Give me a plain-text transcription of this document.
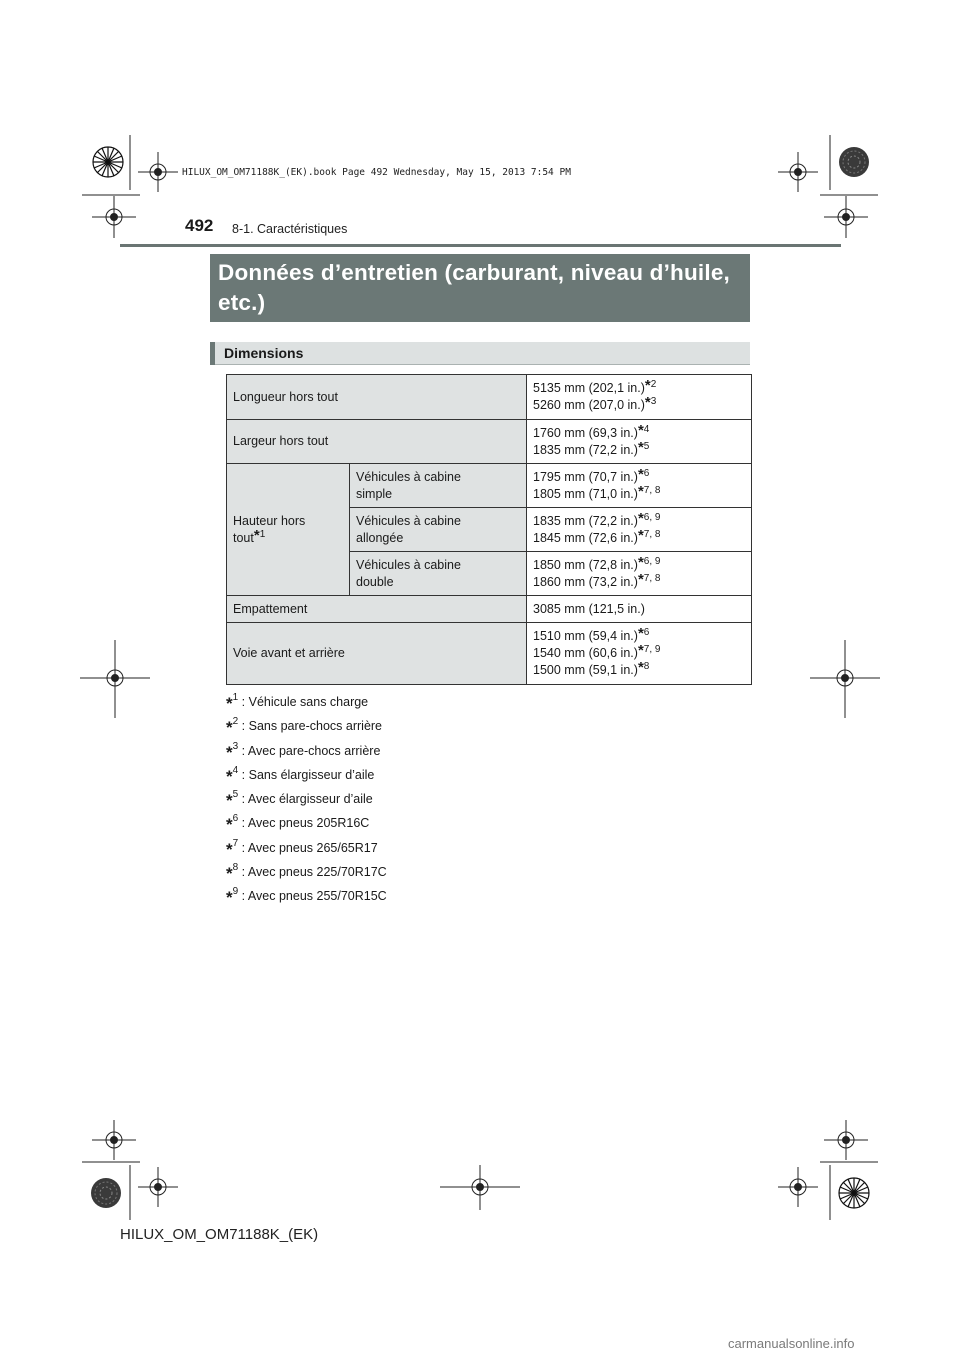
HILUX_OM_OM71188K_(EK).book Page 492 Wednesday, May 15, 2013 7:54 PM
492 8-1. Caractéristiques
Données d’entretien (carburant, niveau d’huile, etc.)
Dimensions
Longueur hors tout		5135 mm (202,1 in.)$^{*2}$
5260 mm (207,0 in.)$^{*3}$
Largeur hors tout		1760 mm (69,3 in.)$^{*4}$
1835 mm (72,2 in.)$^{*5}$
Hauteur hors tout$^{*1}$	Véhicules à cabine simple	1795 mm (70,7 in.)$^{*6}$
1805 mm (71,0 in.)$^{*7, 8}$
	Véhicules à cabine allongée	1835 mm (72,2 in.)$^{*6, 9}$
1845 mm (72,6 in.)$^{*7, 8}$
	Véhicules à cabine double	1850 mm (72,8 in.)$^{*6, 9}$
1860 mm (73,2 in.)$^{*7, 8}$
Empattement		3085 mm (121,5 in.)
Voie avant et arrière		1510 mm (59,4 in.)$^{*6}$
1540 mm (60,6 in.)$^{*7, 9}$
1500 mm (59,1 in.)$^{*8}$
*$^1$ : Véhicule sans charge
*$^2$ : Sans pare-chocs arrière
*$^3$ : Avec pare-chocs arrière
*$^4$ : Sans élargisseur d’aile
*$^5$ : Avec élargisseur d’aile
*$^6$ : Avec pneus 205R16C
*$^7$ : Avec pneus 265/65R17
*$^8$ : Avec pneus 225/70R17C
*$^9$ : Avec pneus 255/70R15C
HILUX_OM_OM71188K_(EK)
carmanualsonline.info
